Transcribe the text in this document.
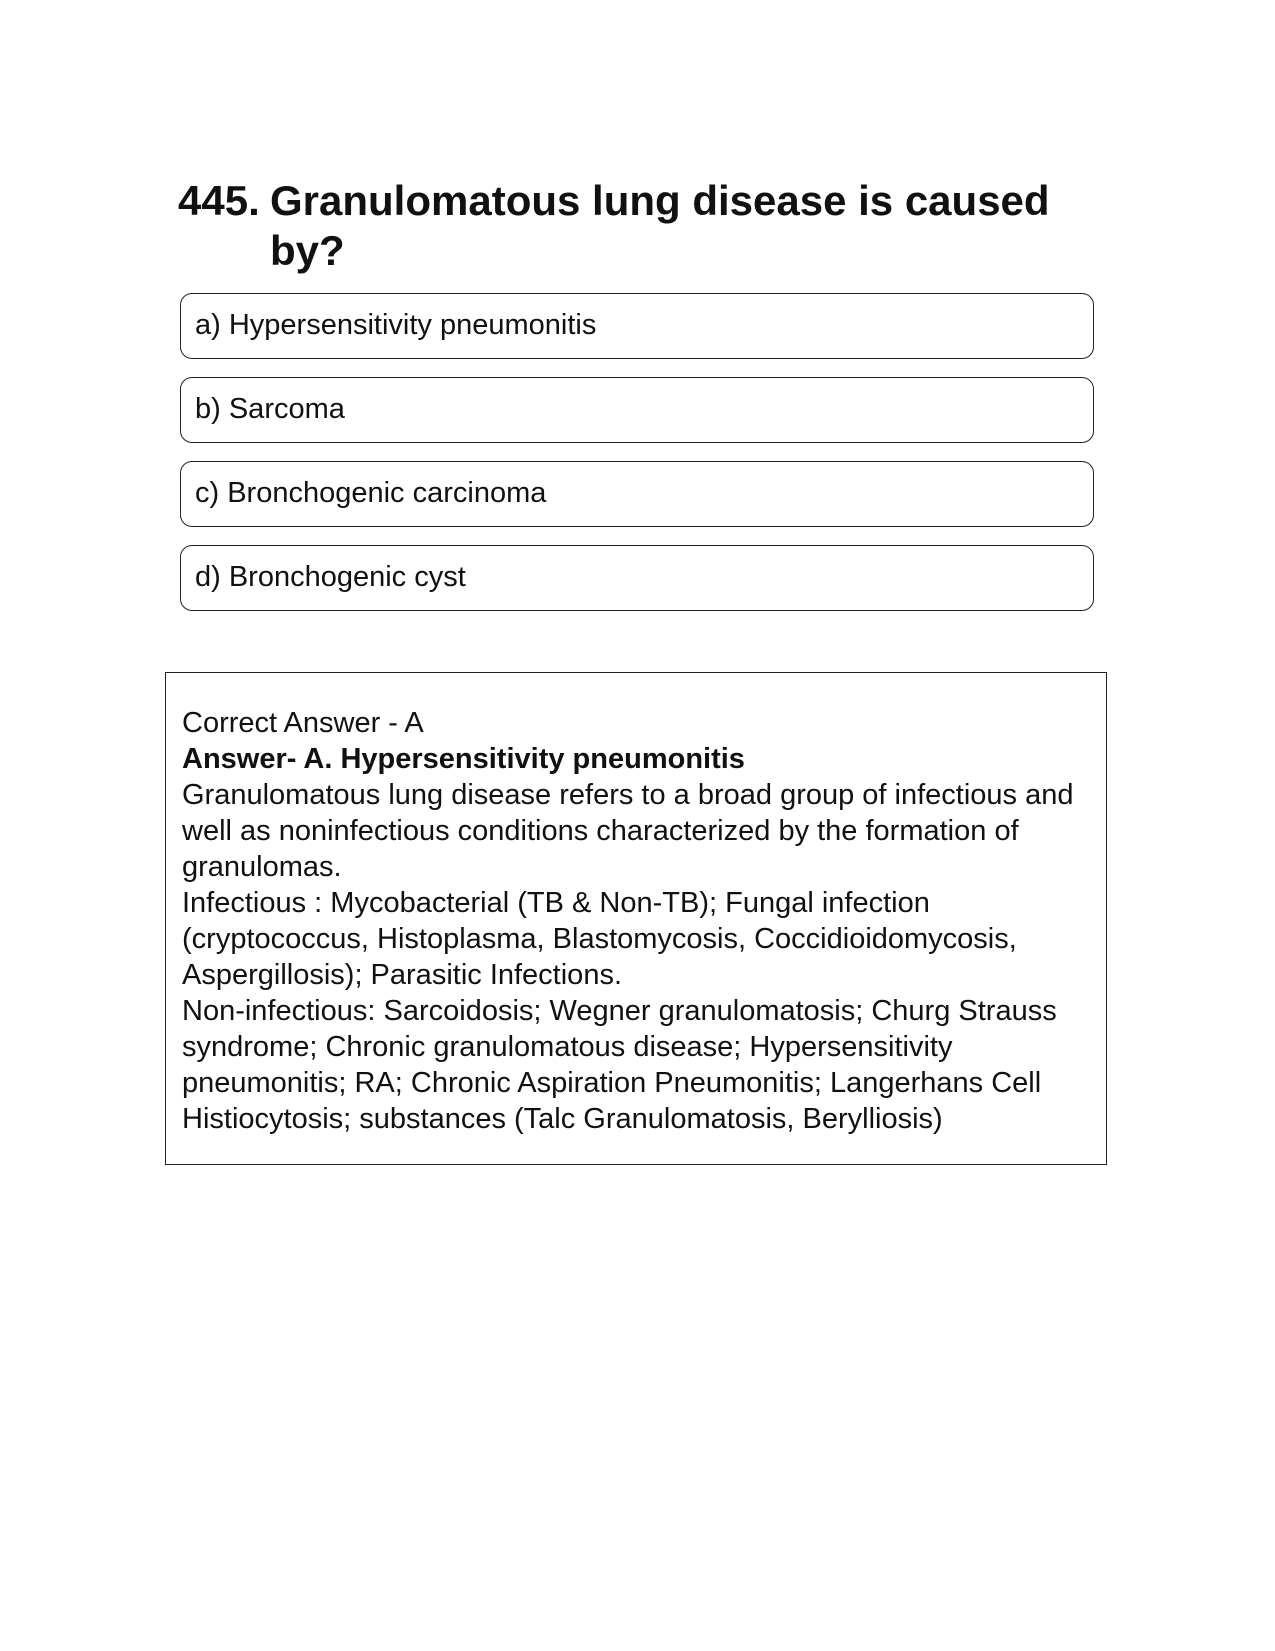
445. Granulomatous lung disease is caused by?
a) Hypersensitivity pneumonitis
b) Sarcoma
c) Bronchogenic carcinoma
d) Bronchogenic cyst

Correct Answer - A

Answer- A. Hypersensitivity pneumonitis

Granulomatous lung disease refers to a broad group of infectious and well as noninfectious conditions characterized by the formation of granulomas.

Infectious : Mycobacterial (TB & Non-TB); Fungal infection (cryptococcus, Histoplasma, Blastomycosis, Coccidioidomycosis, Aspergillosis); Parasitic Infections.

Non-infectious: Sarcoidosis; Wegner granulomatosis; Churg Strauss syndrome; Chronic granulomatous disease; Hypersensitivity pneumonitis; RA; Chronic Aspiration Pneumonitis; Langerhans Cell Histiocytosis; substances (Talc Granulomatosis, Berylliosis)
